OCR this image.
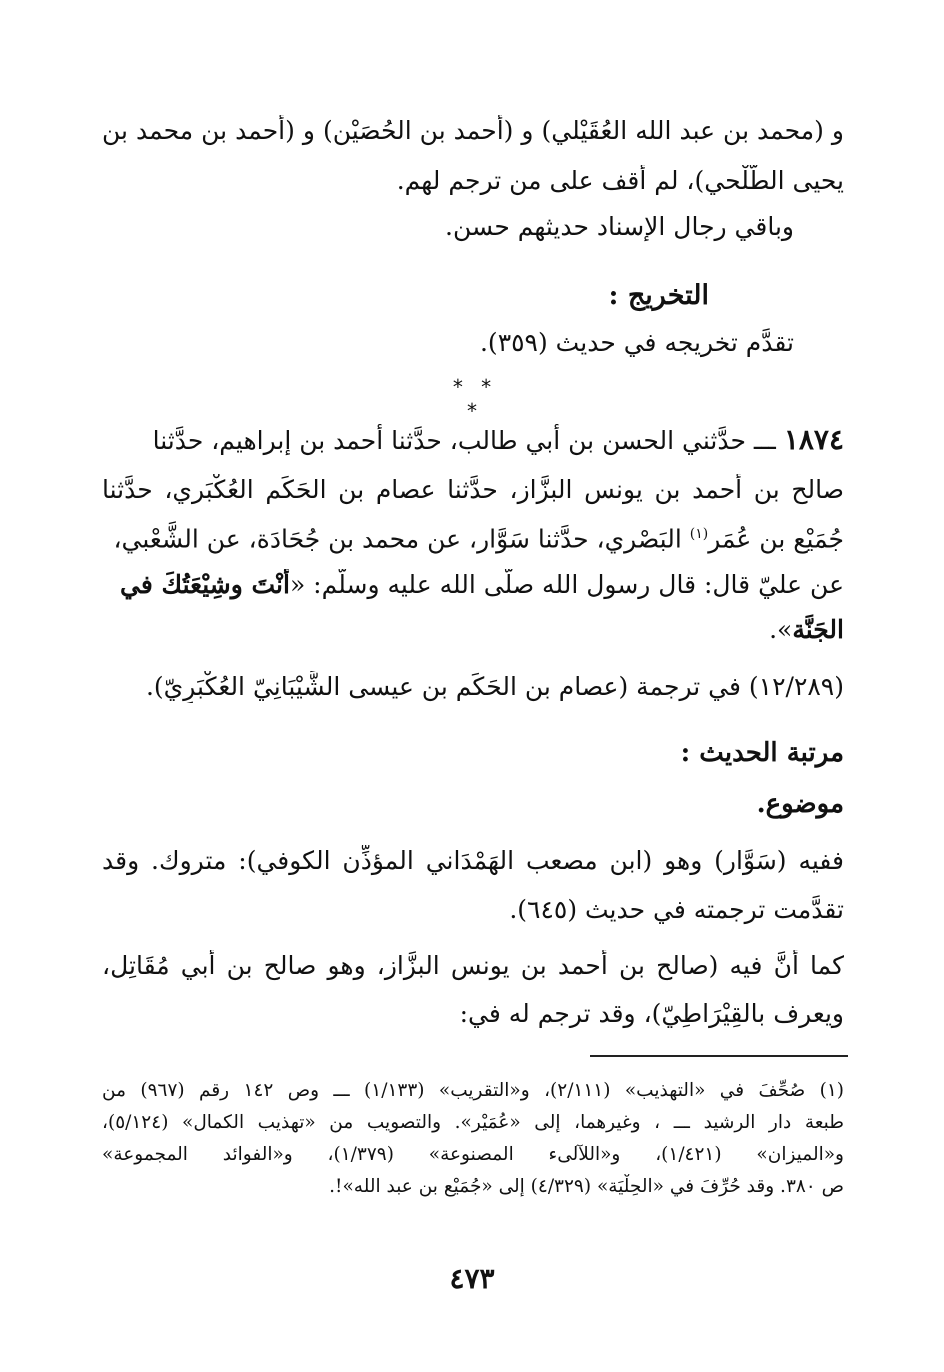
و (محمد بن عبد الله العُقَيْلي) و (أحمد بن الحُصَيْن) و (أحمد بن محمد بن
يحيى الطَّلْحي)، لم أقف على من ترجم لهم.
وباقي رجال الإسناد حديثهم حسن.
التخريج :
تقدَّم تخريجه في حديث (٣٥٩).
* * *
١٨٧٤ ـــ حدَّثني الحسن بن أبي طالب، حدَّثنا أحمد بن إبراهيم، حدَّثنا
صالح بن أحمد بن يونس البزَّاز، حدَّثنا عصام بن الحَكَم العُكْبَري، حدَّثنا
جُمَيْع بن عُمَر$^{(١)}$ البَصْري، حدَّثنا سَوَّار، عن محمد بن جُحَادَة، عن الشَّعْبي،
عن عليّ قال: قال رسول الله صلَّى الله عليه وسلَّم: «أَنْتَ وشِيْعَتُكَ في
الجَنَّة».
(١٢/٢٨٩) في ترجمة (عصام بن الحَكَم بن عيسى الشَّيْبَانِيّ العُكْبَرِيّ).
مرتبة الحديث :
موضوع.
ففيه (سَوَّار) وهو (ابن مصعب الهَمْدَاني المؤذِّن الكوفي): متروك. وقد
تقدَّمت ترجمته في حديث (٦٤٥).
كما أنَّ فيه (صالح بن أحمد بن يونس البزَّاز، وهو صالح بن أبي مُقَاتِل،
ويعرف بالقِيْرَاطِيّ)، وقد ترجم له في:
(١) صُحِّفَ في «التهذيب» (٢/١١١)، و«التقريب» (١/١٣٣) ـــ وص ١٤٢ رقم (٩٦٧) من
طبعة دار الرشيد ـــ ، وغيرهما، إلى «عُمَيْر». والتصويب من «تهذيب الكمال» (٥/١٢٤)،
و«الميزان» (١/٤٢١)، و«اللآلىء المصنوعة» (١/٣٧٩)، و«الفوائد المجموعة»
ص ٣٨٠. وقد حُرِّفَ في «الحِلْيَة» (٤/٣٢٩) إلى «جُمَيْع بن عبد الله»!.
٤٧٣
